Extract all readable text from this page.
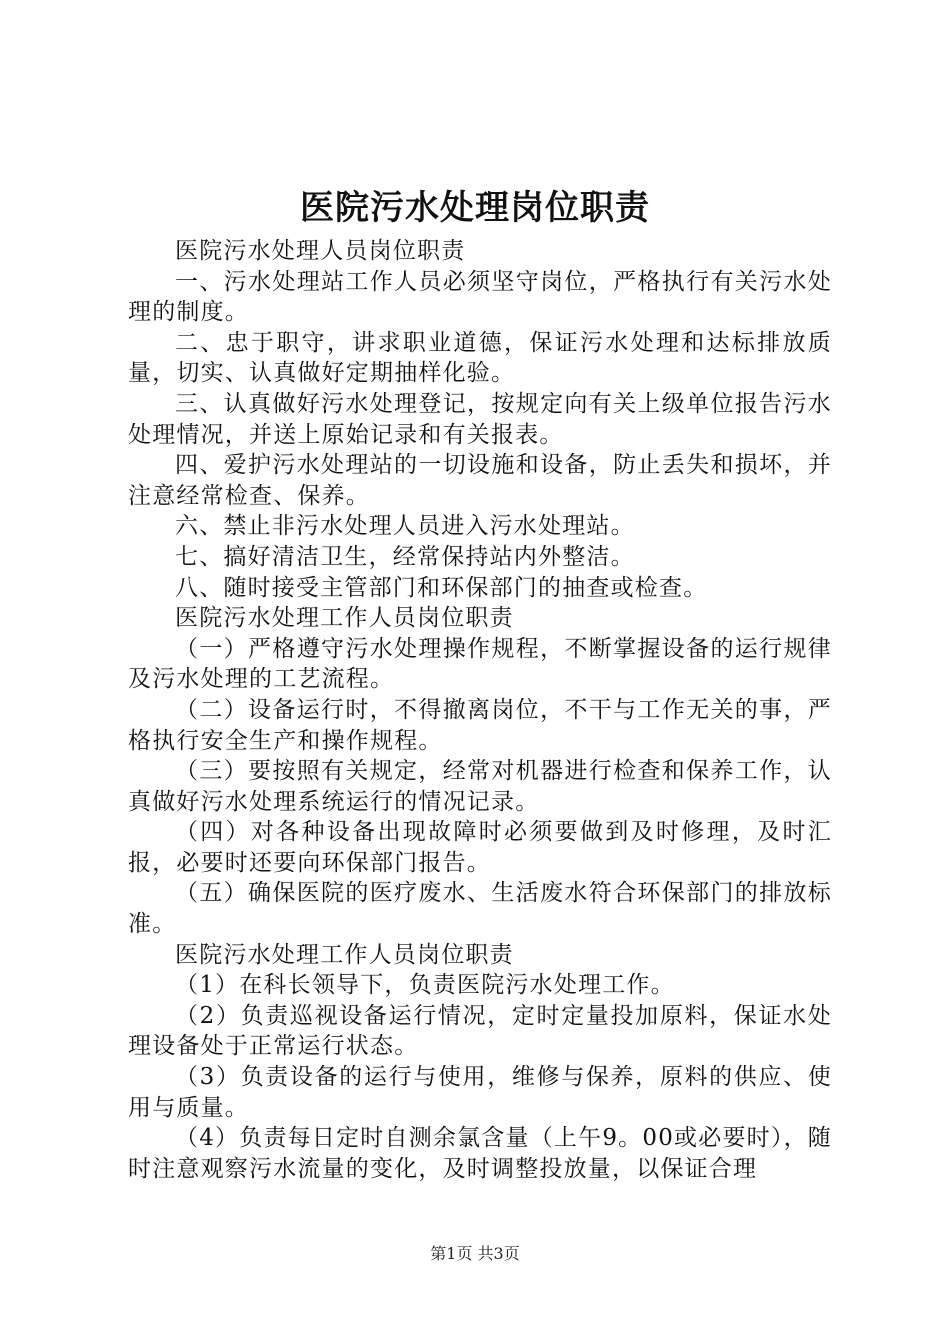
医院污水处理岗位职责

医院污水处理人员岗位职责

一、污水处理站工作人员必须坚守岗位，严格执行有关污水处理的制度。

二、忠于职守，讲求职业道德，保证污水处理和达标排放质量，切实、认真做好定期抽样化验。

三、认真做好污水处理登记，按规定向有关上级单位报告污水处理情况，并送上原始记录和有关报表。

四、爱护污水处理站的一切设施和设备，防止丢失和损坏，并注意经常检查、保养。

六、禁止非污水处理人员进入污水处理站。

七、搞好清洁卫生，经常保持站内外整洁。

八、随时接受主管部门和环保部门的抽查或检查。

医院污水处理工作人员岗位职责

（一）严格遵守污水处理操作规程，不断掌握设备的运行规律及污水处理的工艺流程。

（二）设备运行时，不得撤离岗位，不干与工作无关的事，严格执行安全生产和操作规程。

（三）要按照有关规定，经常对机器进行检查和保养工作，认真做好污水处理系统运行的情况记录。

（四）对各种设备出现故障时必须要做到及时修理，及时汇报，必要时还要向环保部门报告。

（五）确保医院的医疗废水、生活废水符合环保部门的排放标准。

医院污水处理工作人员岗位职责

（1）在科长领导下，负责医院污水处理工作。

（2）负责巡视设备运行情况，定时定量投加原料，保证水处理设备处于正常运行状态。

（3）负责设备的运行与使用，维修与保养，原料的供应、使用与质量。

（4）负责每日定时自测余氯含量（上午9。00或必要时），随时注意观察污水流量的变化，及时调整投放量，以保证合理

第1页 共3页
